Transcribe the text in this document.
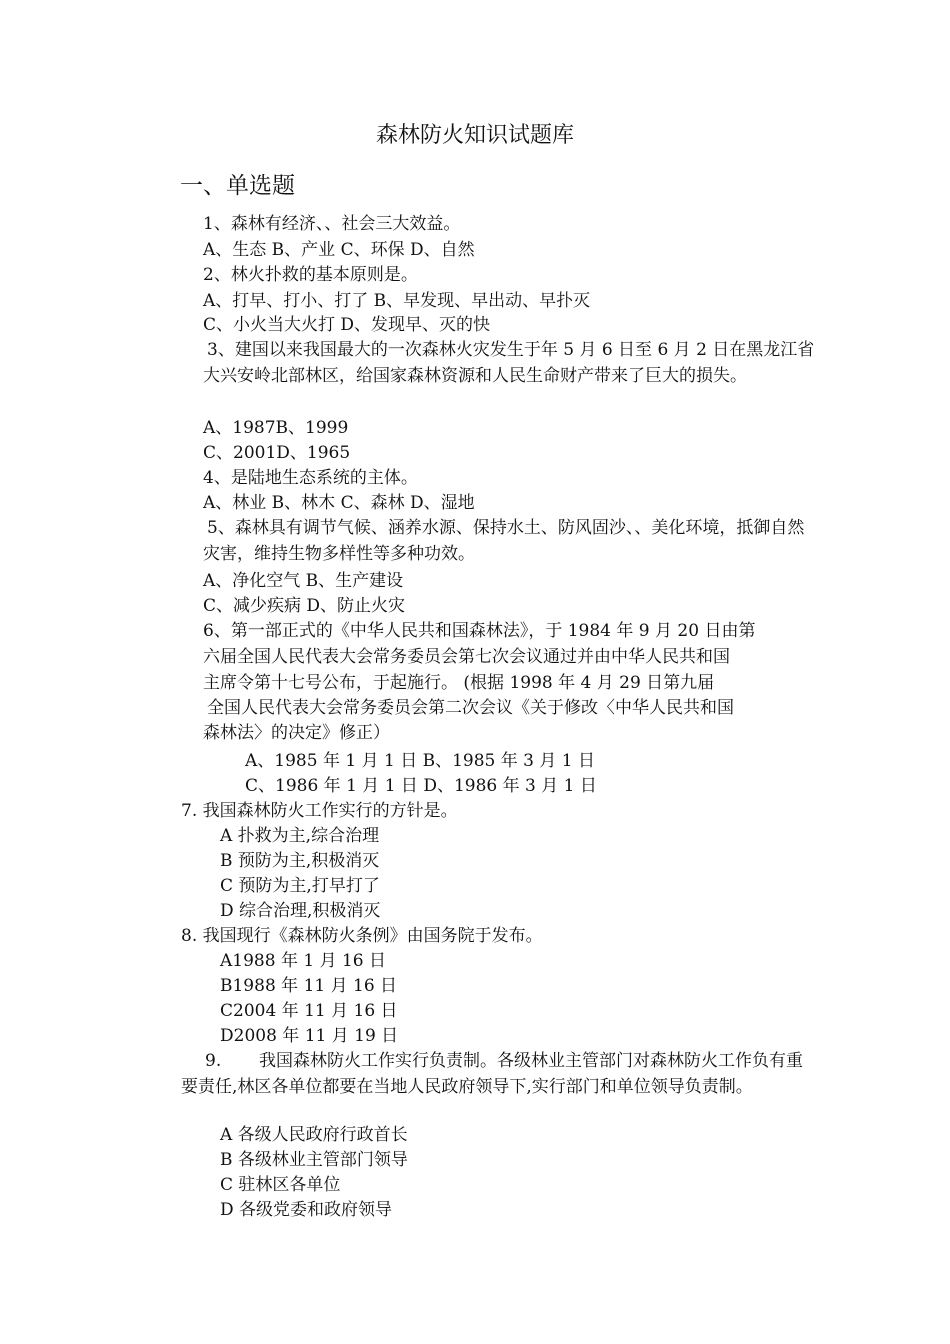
森林防火知识试题库
一、单选题
1、森林有经济、、社会三大效益。
A、生态 B、产业 C、环保 D、自然
2、林火扑救的基本原则是。
A、打早、打小、打了 B、早发现、早出动、早扑灭
C、小火当大火打 D、发现早、灭的快
3、建国以来我国最大的一次森林火灾发生于年 5 月 6 日至 6 月 2 日在黑龙江省大兴安岭北部林区，给国家森林资源和人民生命财产带来了巨大的损失。
A、1987B、1999
C、2001D、1965
4、是陆地生态系统的主体。
A、林业 B、林木 C、森林 D、湿地
5、森林具有调节气候、涵养水源、保持水土、防风固沙、、美化环境，抵御自然灾害，维持生物多样性等多种功效。
A、净化空气 B、生产建设
C、减少疾病 D、防止火灾
6、第一部正式的《中华人民共和国森林法》，于 1984 年 9 月 20 日由第
六届全国人民代表大会常务委员会第七次会议通过并由中华人民共和国
主席令第十七号公布，于起施行。 (根据 1998 年 4 月 29 日第九届
全国人民代表大会常务委员会第二次会议《关于修改〈中华人民共和国
森林法〉的决定》修正）
A、1985 年 1 月 1 日 B、1985 年 3 月 1 日
C、1986 年 1 月 1 日 D、1986 年 3 月 1 日
7. 我国森林防火工作实行的方针是。
A 扑救为主,综合治理
B 预防为主,积极消灭
C 预防为主,打早打了
D 综合治理,积极消灭
8. 我国现行《森林防火条例》由国务院于发布。
A1988 年 1 月 16 日
B1988 年 11 月 16 日
C2004 年 11 月 16 日
D2008 年 11 月 19 日
9.       我国森林防火工作实行负责制。各级林业主管部门对森林防火工作负有重要责任,林区各单位都要在当地人民政府领导下,实行部门和单位领导负责制。
A 各级人民政府行政首长
B 各级林业主管部门领导
C 驻林区各单位
D 各级党委和政府领导
